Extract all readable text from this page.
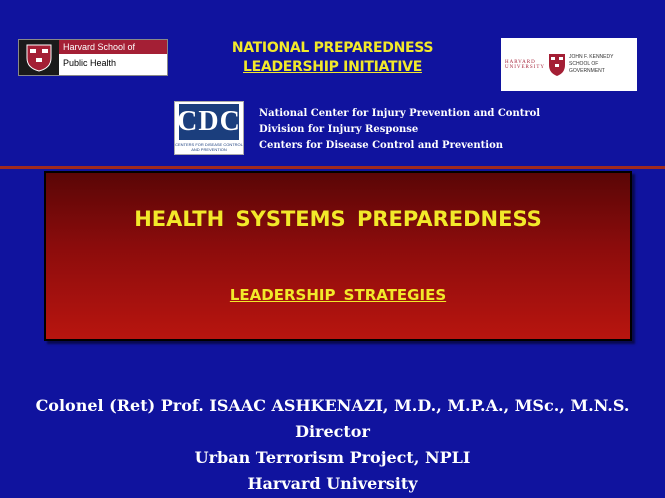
Harvard School of
Public Health
NATIONAL PREPAREDNESS
LEADERSHIP INITIATIVE	HARVARD UNIVERSITY
JOHN F. KENNEDY
SCHOOL OF GOVERNMENT
CDC
CENTERS FOR DISEASE CONTROL AND PREVENTION
National Center for Injury Prevention and Control
Division for Injury Response
Centers for Disease Control and Prevention
HEALTH SYSTEMS PREPAREDNESS
LEADERSHIP STRATEGIES
Colonel (Ret) Prof. ISAAC ASHKENAZI, M.D., M.P.A., MSc., M.N.S.
Director
Urban Terrorism Project, NPLI
Harvard University
